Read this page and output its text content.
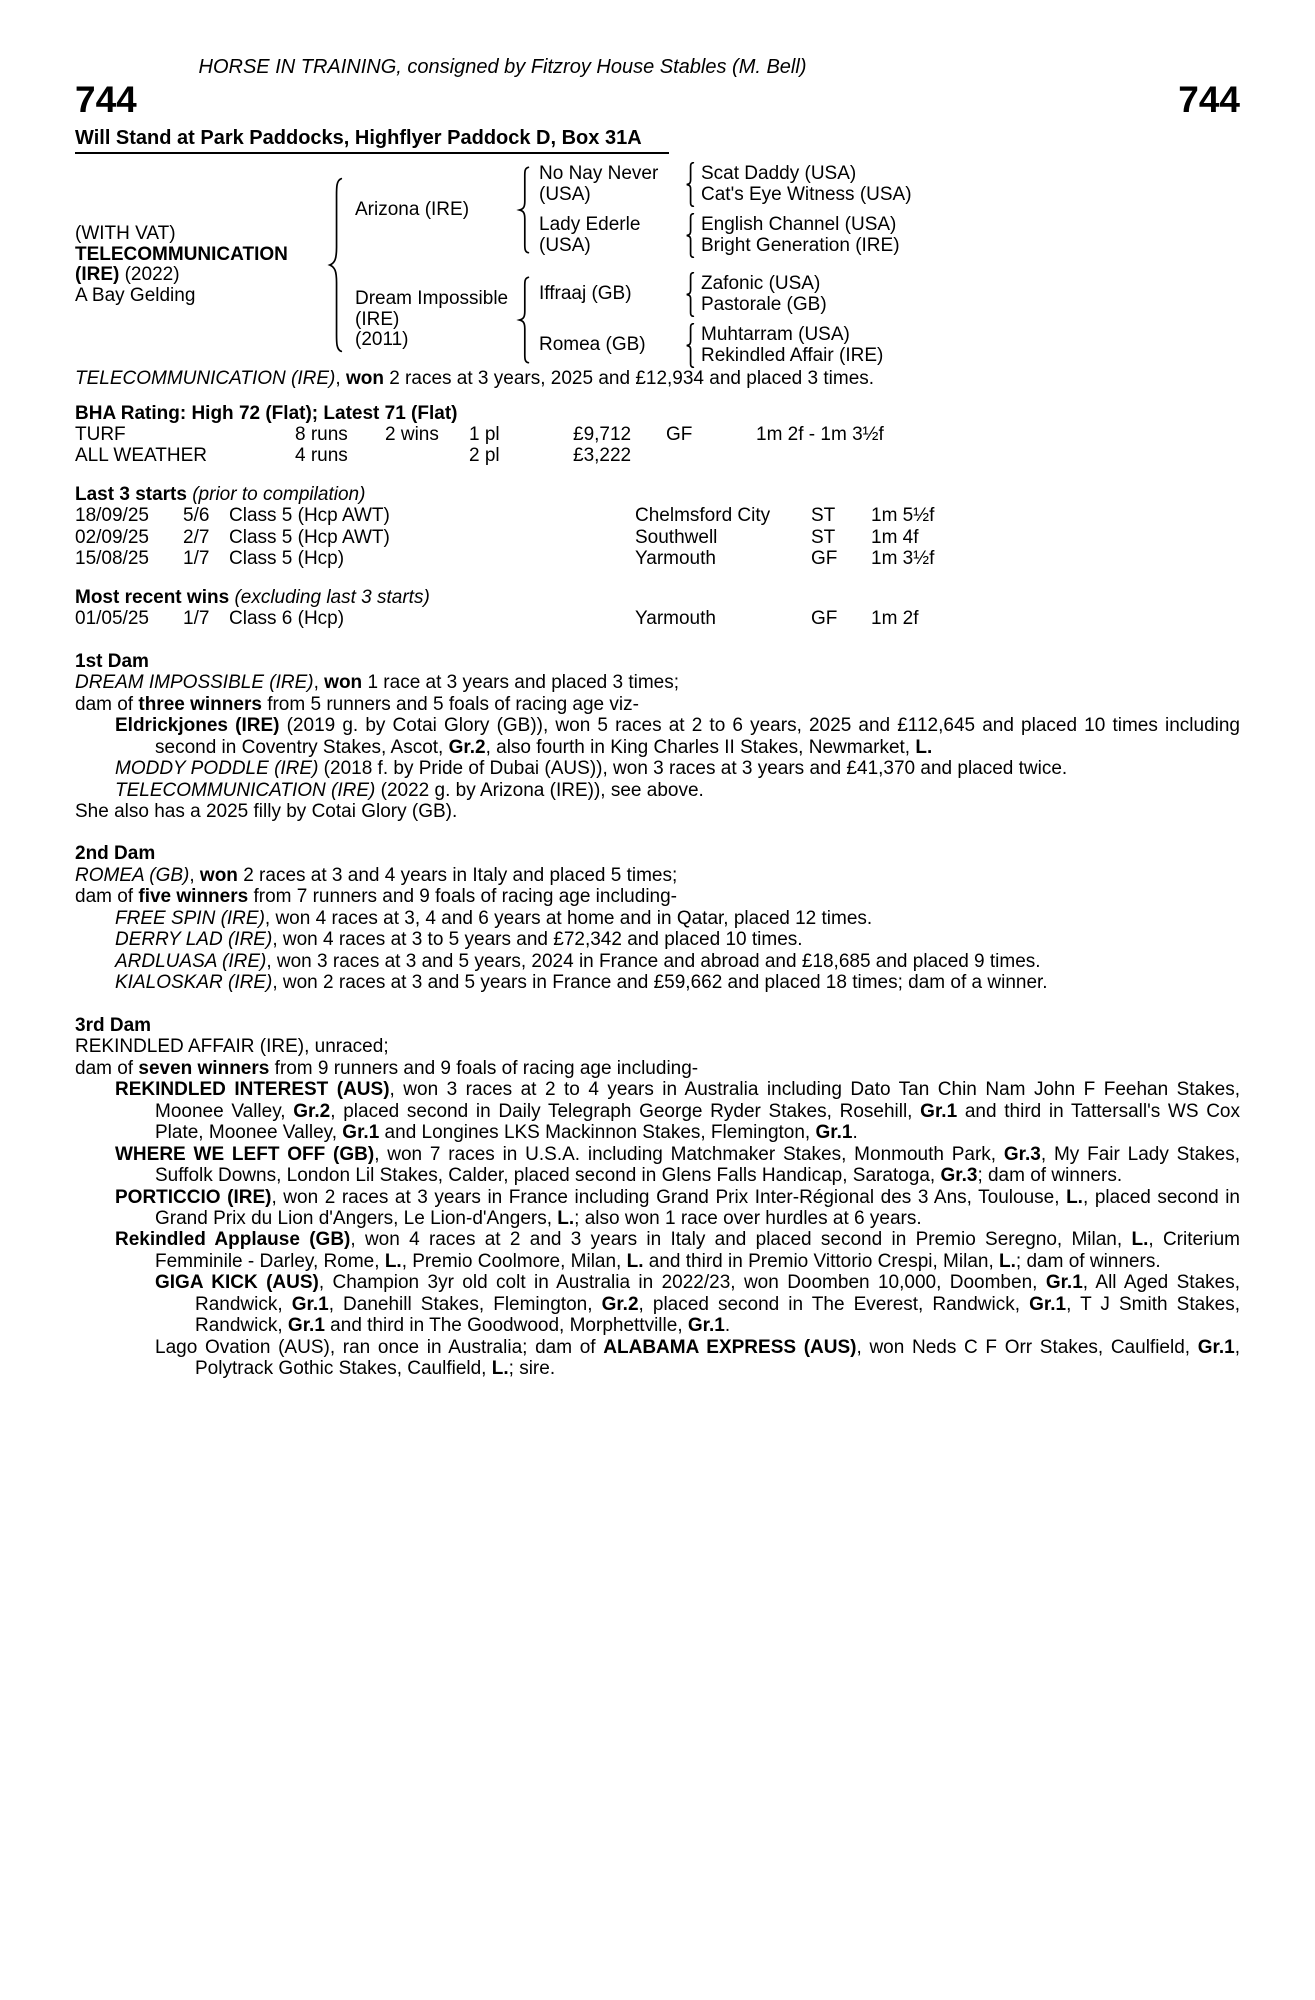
HORSE IN TRAINING, consigned by Fitzroy House Stables (M. Bell)
744	744
Will Stand at Park Paddocks, Highflyer Paddock D, Box 31A
(WITH VAT)
TELECOMMUNICATION
(IRE) (2022)
A Bay Gelding
Arizona (IRE)
No Nay Never (USA)
Scat Daddy (USA)
Cat's Eye Witness (USA)
Lady Ederle (USA)
English Channel (USA)
Bright Generation (IRE)
Dream Impossible (IRE)
(2011)
Iffraaj (GB)
Zafonic (USA)
Pastorale (GB)
Romea (GB)
Muhtarram (USA)
Rekindled Affair (IRE)

TELECOMMUNICATION (IRE), won 2 races at 3 years, 2025 and £12,934 and placed 3 times.

BHA Rating: High 72 (Flat); Latest 71 (Flat)
TURF	8 runs	2 wins	1 pl	£9,712	GF	1m 2f - 1m 3½f
ALL WEATHER	4 runs	2 pl	£3,222
Last 3 starts (prior to compilation)
18/09/25	5/6	Class 5 (Hcp AWT)	Chelmsford City	ST	1m 5½f
02/09/25	2/7	Class 5 (Hcp AWT)	Southwell	ST	1m 4f
15/08/25	1/7	Class 5 (Hcp)	Yarmouth	GF	1m 3½f
Most recent wins (excluding last 3 starts)
01/05/25	1/7	Class 6 (Hcp)	Yarmouth	GF	1m 2f
1st Dam

DREAM IMPOSSIBLE (IRE), won 1 race at 3 years and placed 3 times;

dam of three winners from 5 runners and 5 foals of racing age viz-

Eldrickjones (IRE) (2019 g. by Cotai Glory (GB)), won 5 races at 2 to 6 years, 2025 and £112,645 and placed 10 times including second in Coventry Stakes, Ascot, Gr.2, also fourth in King Charles II Stakes, Newmarket, L.

MODDY PODDLE (IRE) (2018 f. by Pride of Dubai (AUS)), won 3 races at 3 years and £41,370 and placed twice.

TELECOMMUNICATION (IRE) (2022 g. by Arizona (IRE)), see above.

She also has a 2025 filly by Cotai Glory (GB).

2nd Dam

ROMEA (GB), won 2 races at 3 and 4 years in Italy and placed 5 times;

dam of five winners from 7 runners and 9 foals of racing age including-

FREE SPIN (IRE), won 4 races at 3, 4 and 6 years at home and in Qatar, placed 12 times.

DERRY LAD (IRE), won 4 races at 3 to 5 years and £72,342 and placed 10 times.

ARDLUASA (IRE), won 3 races at 3 and 5 years, 2024 in France and abroad and £18,685 and placed 9 times.

KIALOSKAR (IRE), won 2 races at 3 and 5 years in France and £59,662 and placed 18 times; dam of a winner.

3rd Dam

REKINDLED AFFAIR (IRE), unraced;

dam of seven winners from 9 runners and 9 foals of racing age including-

REKINDLED INTEREST (AUS), won 3 races at 2 to 4 years in Australia including Dato Tan Chin Nam John F Feehan Stakes, Moonee Valley, Gr.2, placed second in Daily Telegraph George Ryder Stakes, Rosehill, Gr.1 and third in Tattersall's WS Cox Plate, Moonee Valley, Gr.1 and Longines LKS Mackinnon Stakes, Flemington, Gr.1.

WHERE WE LEFT OFF (GB), won 7 races in U.S.A. including Matchmaker Stakes, Monmouth Park, Gr.3, My Fair Lady Stakes, Suffolk Downs, London Lil Stakes, Calder, placed second in Glens Falls Handicap, Saratoga, Gr.3; dam of winners.

PORTICCIO (IRE), won 2 races at 3 years in France including Grand Prix Inter-Régional des 3 Ans, Toulouse, L., placed second in Grand Prix du Lion d'Angers, Le Lion-d'Angers, L.; also won 1 race over hurdles at 6 years.

Rekindled Applause (GB), won 4 races at 2 and 3 years in Italy and placed second in Premio Seregno, Milan, L., Criterium Femminile - Darley, Rome, L., Premio Coolmore, Milan, L. and third in Premio Vittorio Crespi, Milan, L.; dam of winners.

GIGA KICK (AUS), Champion 3yr old colt in Australia in 2022/23, won Doomben 10,000, Doomben, Gr.1, All Aged Stakes, Randwick, Gr.1, Danehill Stakes, Flemington, Gr.2, placed second in The Everest, Randwick, Gr.1, T J Smith Stakes, Randwick, Gr.1 and third in The Goodwood, Morphettville, Gr.1.

Lago Ovation (AUS), ran once in Australia; dam of ALABAMA EXPRESS (AUS), won Neds C F Orr Stakes, Caulfield, Gr.1, Polytrack Gothic Stakes, Caulfield, L.; sire.
